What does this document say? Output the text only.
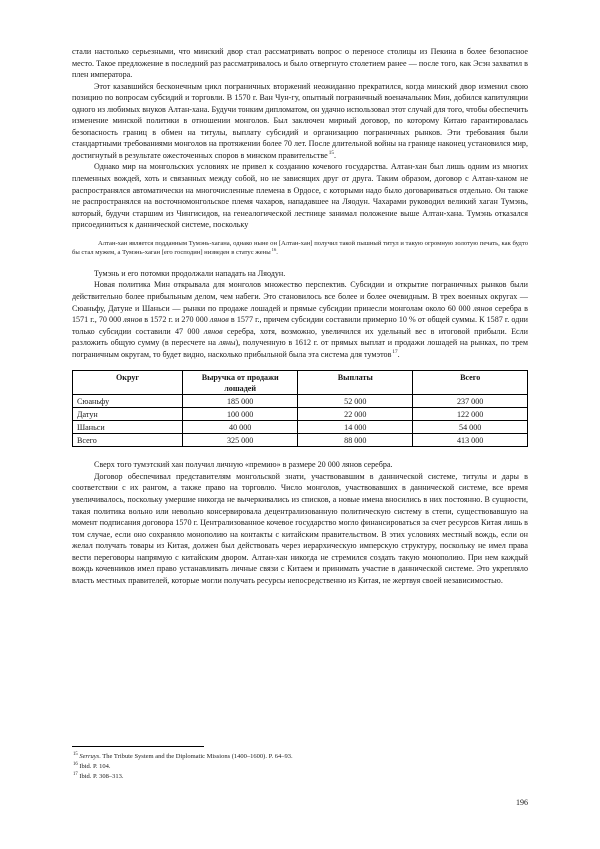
стали настолько серьезными, что минский двор стал рассматривать вопрос о переносе столицы из Пекина в более безопасное место. Такое предложение в последний раз рассматривалось и было отвергнуто столетием ранее — после того, как Эсэн захватил в плен императора.

Этот казавшийся бесконечным цикл пограничных вторжений неожиданно прекратился, когда минский двор изменил свою позицию по вопросам субсидий и торговли. В 1570 г. Ван Чун-гу, опытный пограничный военачальник Мин, добился капитуляции одного из любимых внуков Алтан-хана. Будучи тонким дипломатом, он удачно использовал этот случай для того, чтобы обеспечить изменение минской политики в отношении монголов. Был заключен мирный договор, по которому Китаю гарантировалась безопасность границ в обмен на титулы, выплату субсидий и организацию пограничных рынков. Эти требования были стандартными требованиями монголов на протяжении более 70 лет. После длительной войны на границе наконец установился мир, достигнутый в результате ожесточенных споров в минском правительстве$^{15}$.

Однако мир на монгольских условиях не привел к созданию кочевого государства. Алтан-хан был лишь одним из многих племенных вождей, хоть и связанных между собой, но не зависящих друг от друга. Таким образом, договор с Алтан-ханом не распространялся автоматически на многочисленные племена в Ордосе, с которыми надо было договариваться отдельно. Он также не распространялся на восточномонгольское племя чахаров, нападавшее на Ляодун. Чахарами руководил великий хаган Тумэнь, который, будучи старшим из Чингисидов, на генеалогической лестнице занимал положение выше Алтан-хана. Тумэнь отказался присоединиться к даннической системе, поскольку

Алтан-хан является подданным Тумэнь-хагана, однако ныне он [Алтан-хан] получил такой пышный титул и такую огромную золотую печать, как будто бы стал мужем, а Тумэнь-хаган [его господин] низведен в статус жены$^{16}$.

Тумэнь и его потомки продолжали нападать на Ляодун.

Новая политика Мин открывала для монголов множество перспектив. Субсидии и открытие пограничных рынков были действительно более прибыльным делом, чем набеги. Это становилось все более и более очевидным. В трех военных округах — Сюаньфу, Датуне и Шаньси — рынки по продаже лошадей и прямые субсидии принесли монголам около 60 000 лянов серебра в 1571 г., 70 000 лянов в 1572 г. и 270 000 лянов в 1577 г., причем субсидии составили примерно 10 % от общей суммы. К 1587 г. одни только субсидии составили 47 000 лянов серебра, хотя, возможно, увеличился их удельный вес в итоговой прибыли. Если разложить общую сумму (в пересчете на ляны), полученную в 1612 г. от прямых выплат и продажи лошадей на рынках, по трем пограничным округам, то будет видно, насколько прибыльной была эта система для тумэтов$^{17}$.

Округ	Выручка от продажи лошадей	Выплаты	Всего
Сюаньфу	185 000	52 000	237 000
Датун	100 000	22 000	122 000
Шаньси	40 000	14 000	54 000
Всего	325 000	88 000	413 000

Сверх того тумэтский хан получил личную «премию» в размере 20 000 лянов серебра.

Договор обеспечивал представителям монгольской знати, участвовавшим в даннической системе, титулы и дары в соответствии с их рангом, а также право на торговлю. Число монголов, участвовавших в даннической системе, все время увеличивалось, поскольку умершие никогда не вычеркивались из списков, а новые имена вносились в них постоянно. В сущности, такая политика вольно или невольно консервировала децентрализованную политическую систему в степи, существовавшую на момент подписания договора 1570 г. Централизованное кочевое государство могло финансироваться за счет ресурсов Китая лишь в том случае, если оно сохраняло монополию на контакты с китайским правительством. В этих условиях местный вождь, если он желал получать товары из Китая, должен был действовать через иерархическую имперскую структуру, поскольку не имел права вести переговоры напрямую с китайским двором. Алтан-хан никогда не стремился создать такую монополию. При нем каждый вождь кочевников имел право устанавливать личные связи с Китаем и принимать участие в даннической системе. Это укрепляло власть местных правителей, которые могли получать ресурсы непосредственно из Китая, не жертвуя своей независимостью.

$^{15}$ Serruys. The Tribute System and the Diplomatic Missions (1400–1600). P. 64–93.

$^{16}$ Ibid. P. 104.

$^{17}$ Ibid. P. 308–313.

196
